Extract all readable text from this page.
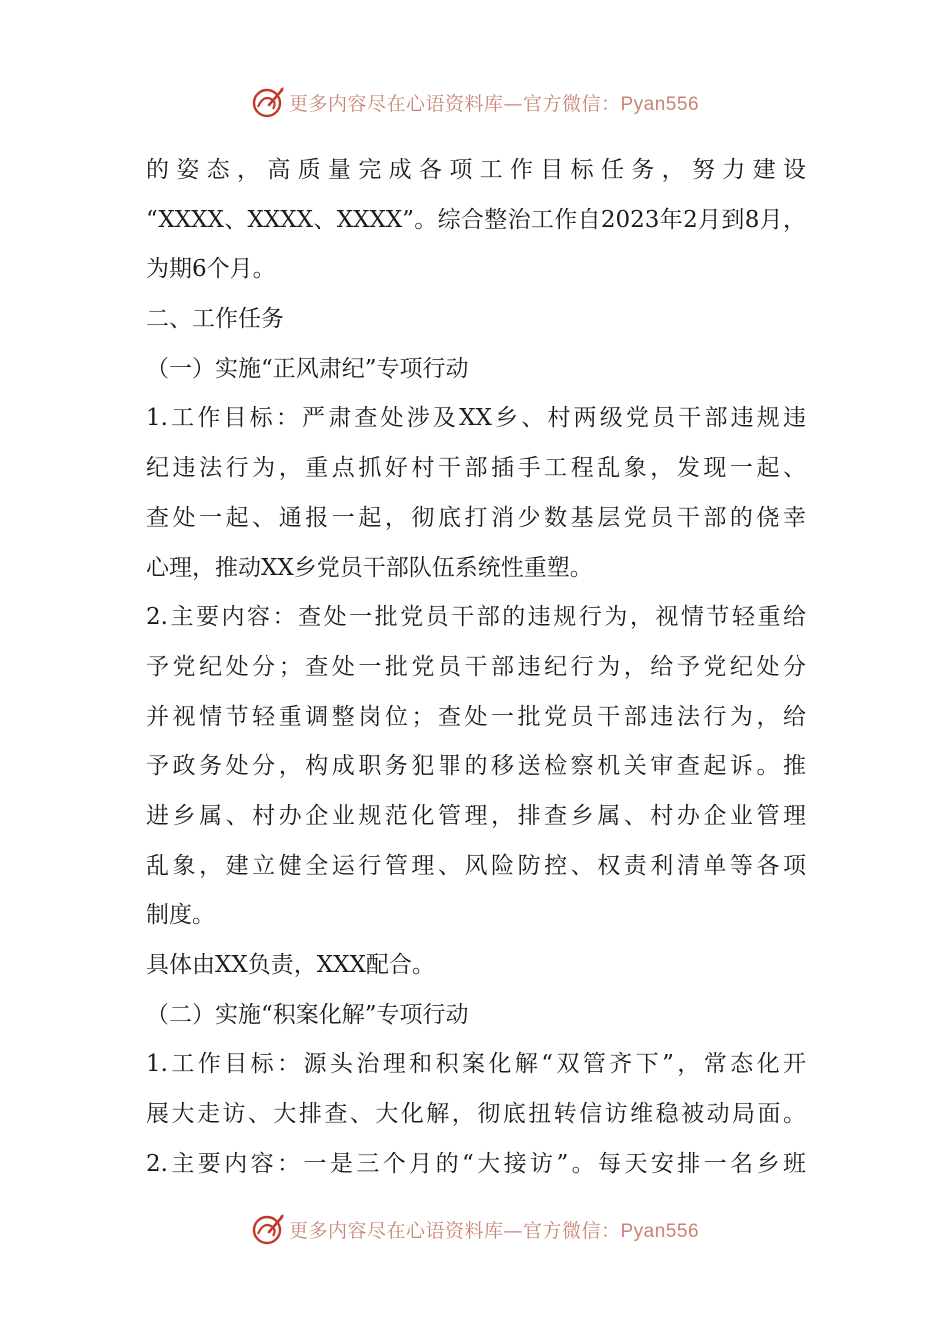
更多内容尽在心语资料库—官方微信：Pyan556
的姿态，高质量完成各项工作目标任务，努力建设
“XXXX、XXXX、XXXX”。综合整治工作自2023年2月到8月，
为期6个月。
二、工作任务
（一）实施“正风肃纪”专项行动
1.工作目标：严肃查处涉及XX乡、村两级党员干部违规违
纪违法行为，重点抓好村干部插手工程乱象，发现一起、
查处一起、通报一起，彻底打消少数基层党员干部的侥幸
心理，推动XX乡党员干部队伍系统性重塑。
2.主要内容：查处一批党员干部的违规行为，视情节轻重给
予党纪处分；查处一批党员干部违纪行为，给予党纪处分
并视情节轻重调整岗位；查处一批党员干部违法行为，给
予政务处分，构成职务犯罪的移送检察机关审查起诉。推
进乡属、村办企业规范化管理，排查乡属、村办企业管理
乱象，建立健全运行管理、风险防控、权责利清单等各项
制度。
具体由XX负责，XXX配合。
（二）实施“积案化解”专项行动
1.工作目标：源头治理和积案化解“双管齐下”，常态化开
展大走访、大排查、大化解，彻底扭转信访维稳被动局面。
2.主要内容：一是三个月的“大接访”。每天安排一名乡班
更多内容尽在心语资料库—官方微信：Pyan556
